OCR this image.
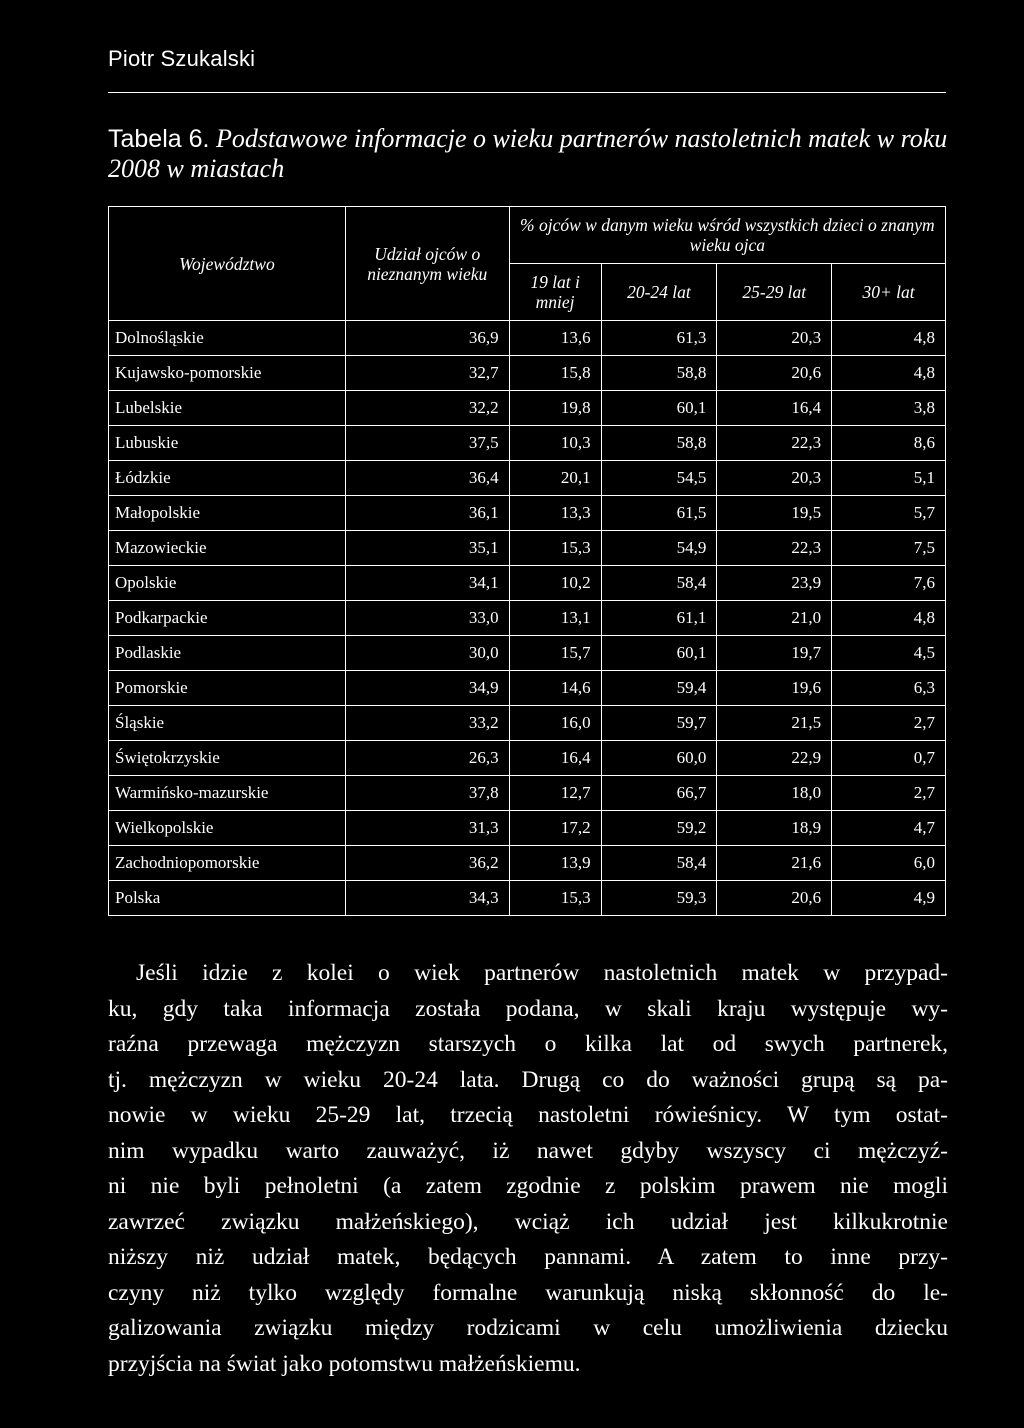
Piotr Szukalski
Tabela 6. Podstawowe informacje o wieku partnerów nastoletnich matek w roku 2008 w miastach
Województwo	Udział ojców o nieznanym wieku	% ojców w danym wieku wśród wszystkich dzieci o znanym wieku ojca			
		19 lat i mniej	20-24 lat	25-29 lat	30+ lat
Dolnośląskie	36,9	13,6	61,3	20,3	4,8
Kujawsko-pomorskie	32,7	15,8	58,8	20,6	4,8
Lubelskie	32,2	19,8	60,1	16,4	3,8
Lubuskie	37,5	10,3	58,8	22,3	8,6
Łódzkie	36,4	20,1	54,5	20,3	5,1
Małopolskie	36,1	13,3	61,5	19,5	5,7
Mazowieckie	35,1	15,3	54,9	22,3	7,5
Opolskie	34,1	10,2	58,4	23,9	7,6
Podkarpackie	33,0	13,1	61,1	21,0	4,8
Podlaskie	30,0	15,7	60,1	19,7	4,5
Pomorskie	34,9	14,6	59,4	19,6	6,3
Śląskie	33,2	16,0	59,7	21,5	2,7
Świętokrzyskie	26,3	16,4	60,0	22,9	0,7
Warmińsko-mazurskie	37,8	12,7	66,7	18,0	2,7
Wielkopolskie	31,3	17,2	59,2	18,9	4,7
Zachodniopomorskie	36,2	13,9	58,4	21,6	6,0
Polska	34,3	15,3	59,3	20,6	4,9
Jeśli idzie z kolei o wiek partnerów nastoletnich matek w przypad-
ku, gdy taka informacja została podana, w skali kraju występuje wy-
raźna przewaga mężczyzn starszych o kilka lat od swych partnerek,
tj. mężczyzn w wieku 20-24 lata. Drugą co do ważności grupą są pa-
nowie w wieku 25-29 lat, trzecią nastoletni rówieśnicy. W tym ostat-
nim wypadku warto zauważyć, iż nawet gdyby wszyscy ci mężczyź-
ni nie byli pełnoletni (a zatem zgodnie z polskim prawem nie mogli
zawrzeć związku małżeńskiego), wciąż ich udział jest kilkukrotnie
niższy niż udział matek, będących pannami. A zatem to inne przy-
czyny niż tylko względy formalne warunkują niską skłonność do le-
galizowania związku między rodzicami w celu umożliwienia dziecku
przyjścia na świat jako potomstwu małżeńskiemu.
